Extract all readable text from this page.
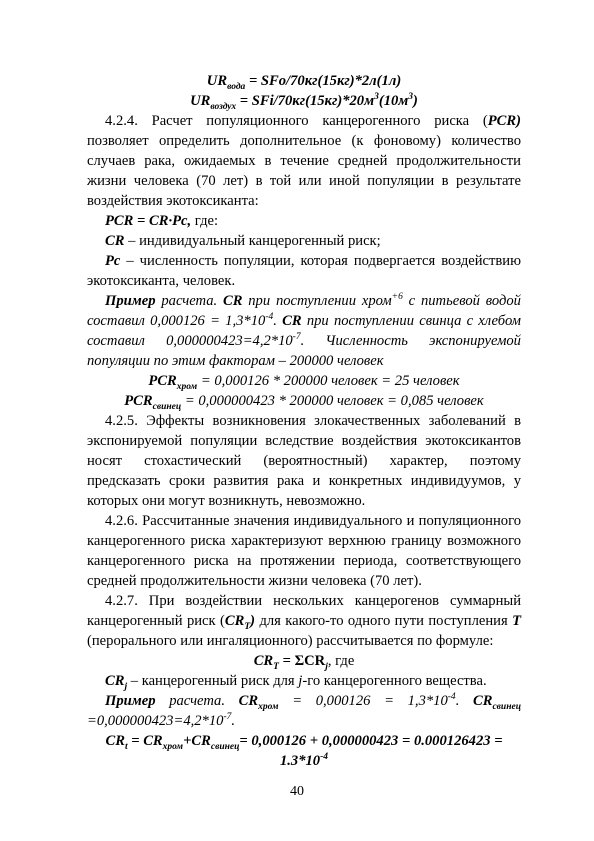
$UR_{вода} = SFo/70кг(15кг)*2л(1л)$
$UR_{воздух} = SFi/70кг(15кг)*20м^3(10м^3)$

4.2.4. Расчет популяционного канцерогенного риска (PCR) позволяет определить дополнительное (к фоновому) количество случаев рака, ожидаемых в течение средней продолжительности жизни человека (70 лет) в той или иной популяции в результате воздействия экотоксиканта:

PCR = CR·Pc, где:

CR – индивидуальный канцерогенный риск;

Pc – численность популяции, которая подвергается воздействию экотоксиканта, человек.

Пример расчета. CR при поступлении хром$^{+6}$ с питьевой водой составил $0,000126 = 1,3*10^{-4}$. CR при поступлении свинца с хлебом составил $0,000000423=4,2*10^{-7}$. Численность экспонируемой популяции по этим факторам – 200000 человек

$PCR_{хром} = 0,000126 * 200000$ человек = 25 человек
$PCR_{свинец} = 0,000000423 * 200000$ человек = 0,085 человек

4.2.5. Эффекты возникновения злокачественных заболеваний в экспонируемой популяции вследствие воздействия экотоксикантов носят стохастический (вероятностный) характер, поэтому предсказать сроки развития рака и конкретных индивидуумов, у которых они могут возникнуть, невозможно.

4.2.6. Рассчитанные значения индивидуального и популяционного канцерогенного риска характеризуют верхнюю границу возможного канцерогенного риска на протяжении периода, соответствующего средней продолжительности жизни человека (70 лет).

4.2.7. При воздействии нескольких канцерогенов суммарный канцерогенный риск $(CR_T)$ для какого-то одного пути поступления T (перорального или ингаляционного) рассчитывается по формуле:

$CR_T = \Sigma CR_j$, где

$CR_j$ – канцерогенный риск для j-го канцерогенного вещества.

Пример расчета. $CR_{хром} = 0,000126 = 1,3*10^{-4}$. $CR_{свинец} =0,000000423=4,2*10^{-7}$.

$CR_t = CR_{хром}+CR_{свинец}= 0,000126 + 0,000000423 = 0.000126423$ =
$1.3*10^{-4}$
40
